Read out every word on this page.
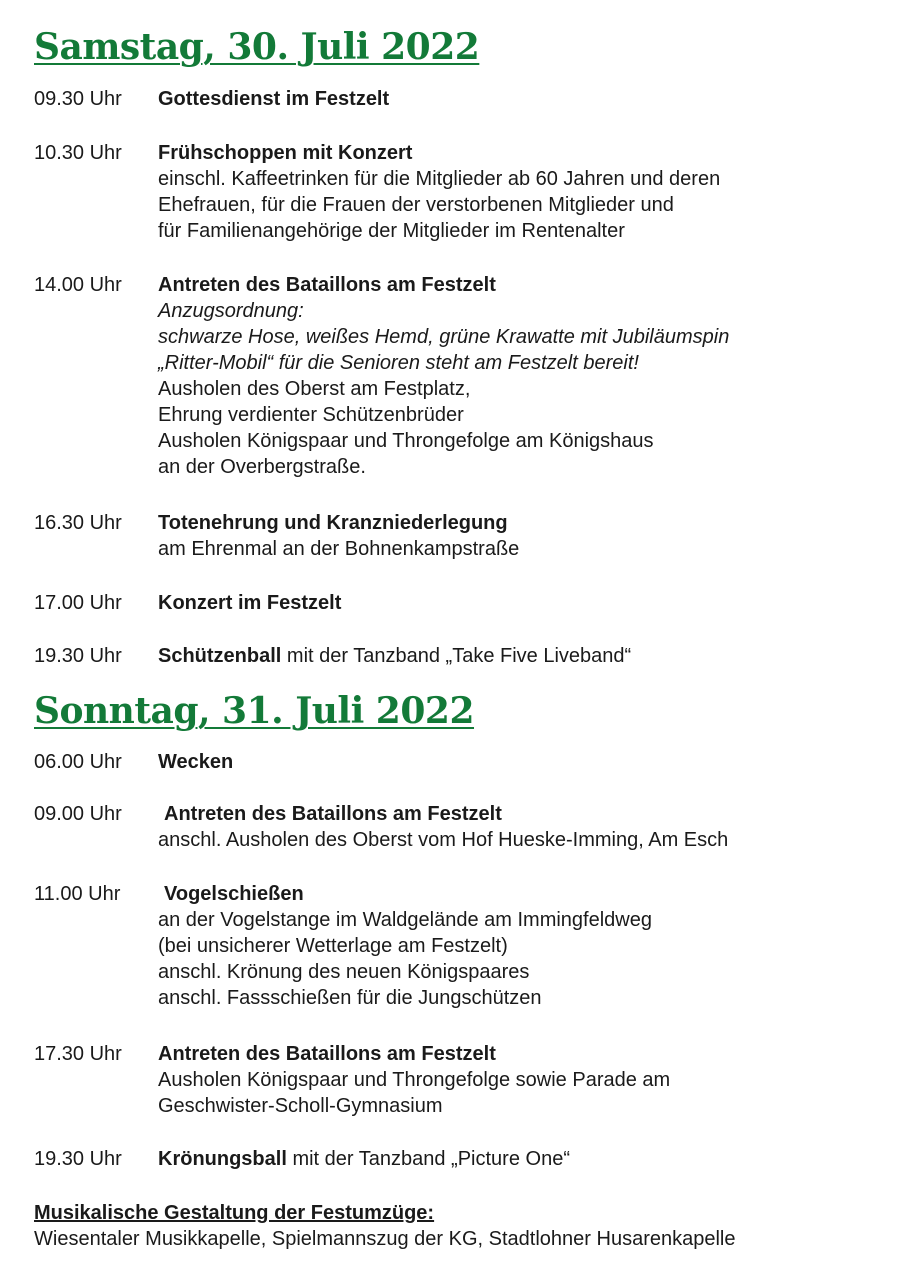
Samstag, 30. Juli 2022
09.30 Uhr Gottesdienst im Festzelt
10.30 Uhr Frühschoppen mit Konzert
einschl. Kaffeetrinken für die Mitglieder ab 60 Jahren und deren
Ehefrauen, für die Frauen der verstorbenen Mitglieder und
für Familienangehörige der Mitglieder im Rentenalter
14.00 Uhr Antreten des Bataillons am Festzelt
Anzugsordnung:
schwarze Hose, weißes Hemd, grüne Krawatte mit Jubiläumspin
„Ritter-Mobil“ für die Senioren steht am Festzelt bereit!
Ausholen des Oberst am Festplatz,
Ehrung verdienter Schützenbrüder
Ausholen Königspaar und Throngefolge am Königshaus
an der Overbergstraße.
16.30 Uhr Totenehrung und Kranzniederlegung
am Ehrenmal an der Bohnenkampstraße
17.00 Uhr Konzert im Festzelt
19.30 Uhr Schützenball mit der Tanzband „Take Five Liveband“
Sonntag, 31. Juli 2022
06.00 Uhr Wecken
09.00 Uhr	Antreten des Bataillons am Festzelt
anschl. Ausholen des Oberst vom Hof Hueske-Imming, Am Esch
11.00 Uhr	Vogelschießen
an der Vogelstange im Waldgelände am Immingfeldweg
(bei unsicherer Wetterlage am Festzelt)
anschl. Krönung des neuen Königspaares
anschl. Fassschießen für die Jungschützen
17.30 Uhr Antreten des Bataillons am Festzelt
Ausholen Königspaar und Throngefolge sowie Parade am
Geschwister-Scholl-Gymnasium
19.30 Uhr Krönungsball mit der Tanzband „Picture One“
Musikalische Gestaltung der Festumzüge:
Wiesentaler Musikkapelle, Spielmannszug der KG, Stadtlohner Husarenkapelle
